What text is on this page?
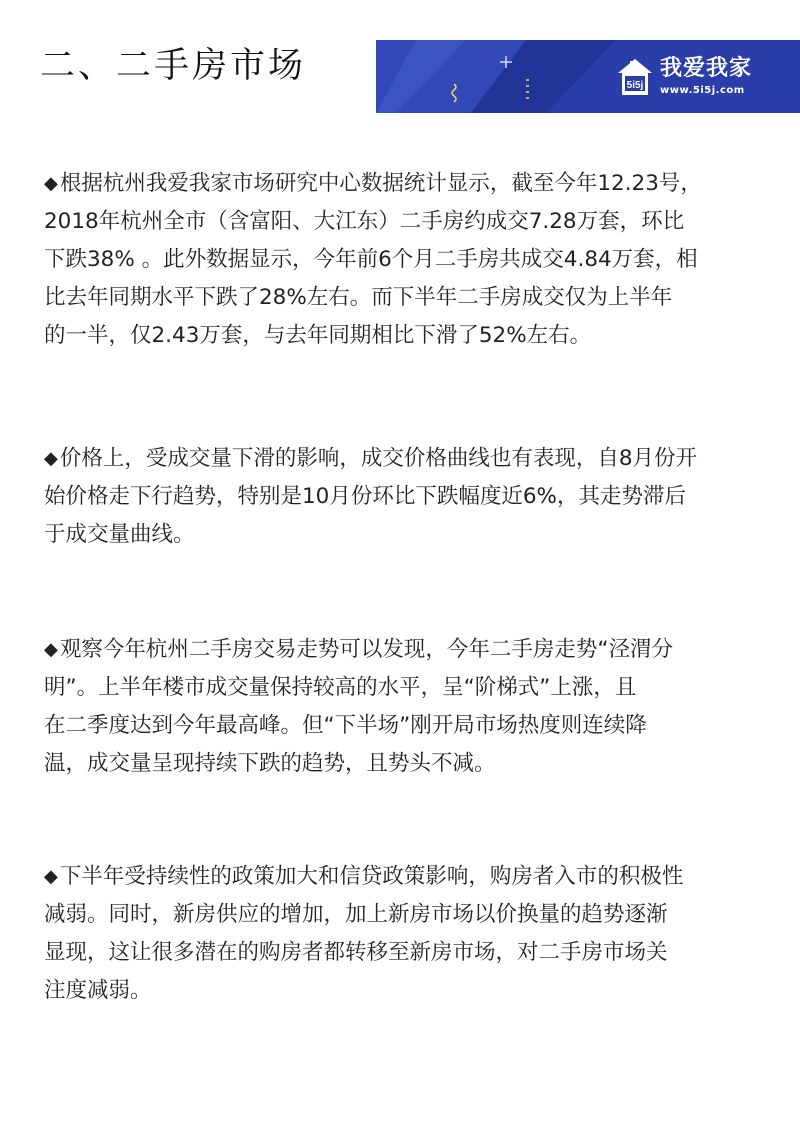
二、二手房市场	5i5j
我爱我家
www.5i5j.com

◆根据杭州我爱我家市场研究中心数据统计显示，截至今年12.23号，
2018年杭州全市（含富阳、大江东）二手房约成交7.28万套，环比
下跌38% 。此外数据显示，今年前6个月二手房共成交4.84万套，相
比去年同期水平下跌了28%左右。而下半年二手房成交仅为上半年
的一半，仅2.43万套，与去年同期相比下滑了52%左右。

◆价格上，受成交量下滑的影响，成交价格曲线也有表现，自8月份开
始价格走下行趋势，特别是10月份环比下跌幅度近6%，其走势滞后
于成交量曲线。

◆观察今年杭州二手房交易走势可以发现，今年二手房走势“泾渭分
明”。上半年楼市成交量保持较高的水平，呈“阶梯式”上涨，且
在二季度达到今年最高峰。但“下半场”刚开局市场热度则连续降
温，成交量呈现持续下跌的趋势，且势头不减。

◆下半年受持续性的政策加大和信贷政策影响，购房者入市的积极性
减弱。同时，新房供应的增加，加上新房市场以价换量的趋势逐渐
显现，这让很多潜在的购房者都转移至新房市场，对二手房市场关
注度减弱。
